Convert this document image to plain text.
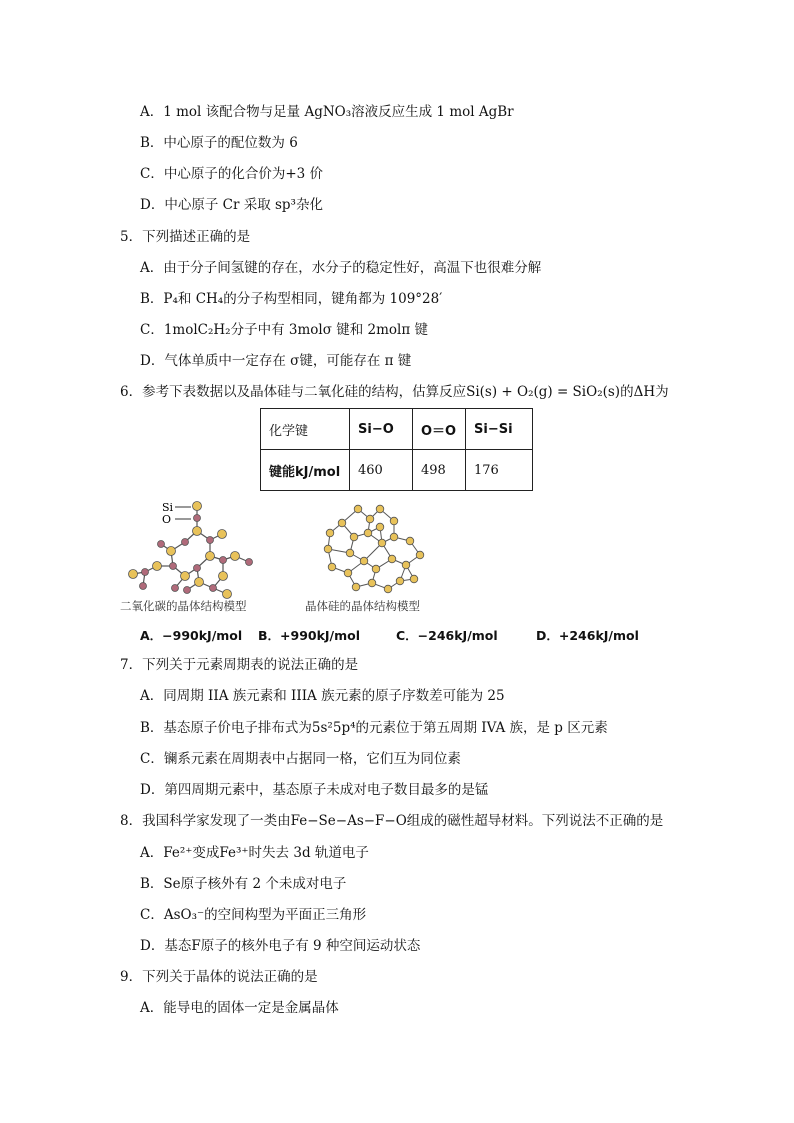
A．1 mol 该配合物与足量 AgNO₃溶液反应生成 1 mol AgBr
B．中心原子的配位数为 6
C．中心原子的化合价为+3 价
D．中心原子 Cr 采取 sp³杂化
5．下列描述正确的是
A．由于分子间氢键的存在，水分子的稳定性好，高温下也很难分解
B．P₄和 CH₄的分子构型相同，键角都为 109°28′
C．1molC₂H₂分子中有 3molσ 键和 2molπ 键
D．气体单质中一定存在 σ键，可能存在 π 键
6．参考下表数据以及晶体硅与二氧化硅的结构，估算反应Si(s) + O₂(g) = SiO₂(s)的ΔH为
化学键	Si−O	O＝O	Si−Si
键能kJ/mol	460	498	176
Si
O
二氧化碳的晶体结构模型	晶体硅的晶体结构模型
A．−990kJ/mol B．+990kJ/mol	C．−246kJ/mol	D．+246kJ/mol
7．下列关于元素周期表的说法正确的是
A．同周期 IIA 族元素和 IIIA 族元素的原子序数差可能为 25
B．基态原子价电子排布式为5s²5p⁴的元素位于第五周期 IVA 族，是 p 区元素
C．镧系元素在周期表中占据同一格，它们互为同位素
D．第四周期元素中，基态原子未成对电子数目最多的是锰
8．我国科学家发现了一类由Fe−Se−As−F−O组成的磁性超导材料。下列说法不正确的是
A．Fe²⁺变成Fe³⁺时失去 3d 轨道电子
B．Se原子核外有 2 个未成对电子
C．AsO₃⁻的空间构型为平面正三角形
D．基态F原子的核外电子有 9 种空间运动状态
9．下列关于晶体的说法正确的是
A．能导电的固体一定是金属晶体
